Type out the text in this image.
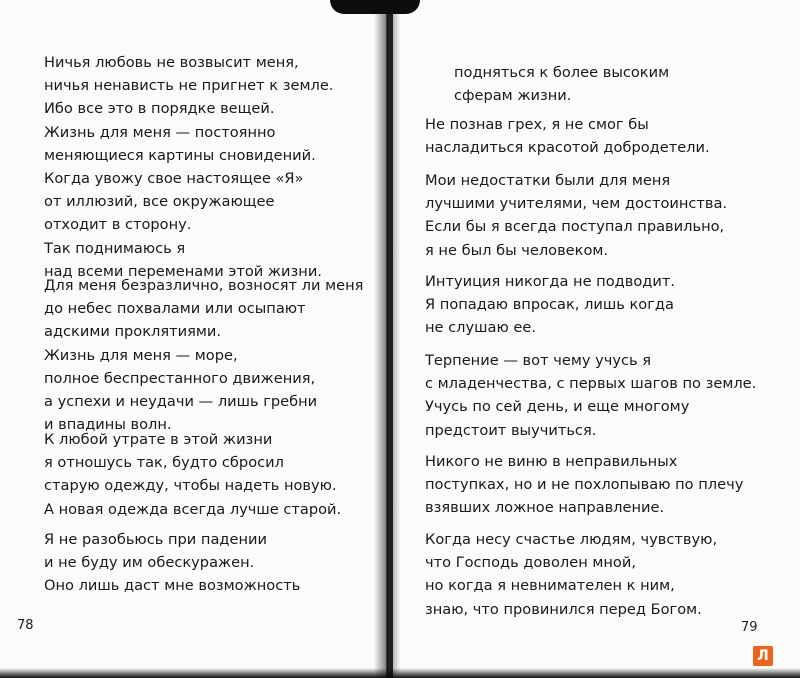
Ничья любовь не возвысит меня,
ничья ненависть не пригнет к земле.
Ибо все это в порядке вещей.
Жизнь для меня — постоянно
меняющиеся картины сновидений.
Когда увожу свое настоящее «Я»
от иллюзий, все окружающее
отходит в сторону.
Так поднимаюсь я
над всеми переменами этой жизни.
Для меня безразлично, возносят ли меня
до небес похвалами или осыпают
адскими проклятиями.
Жизнь для меня — море,
полное беспрестанного движения,
а успехи и неудачи — лишь гребни
и впадины волн.
К любой утрате в этой жизни
я отношусь так, будто сбросил
старую одежду, чтобы надеть новую.
А новая одежда всегда лучше старой.
Я не разобьюсь при падении
и не буду им обескуражен.
Оно лишь даст мне возможность
78
подняться к более высоким
сферам жизни.
Не познав грех, я не смог бы
насладиться красотой добродетели.
Мои недостатки были для меня
лучшими учителями, чем достоинства.
Если бы я всегда поступал правильно,
я не был бы человеком.
Интуиция никогда не подводит.
Я попадаю впросак, лишь когда
не слушаю ее.
Терпение — вот чему учусь я
с младенчества, с первых шагов по земле.
Учусь по сей день, и еще многому
предстоит выучиться.
Никого не виню в неправильных
поступках, но и не похлопываю по плечу
взявших ложное направление.
Когда несу счастье людям, чувствую,
что Господь доволен мной,
но когда я невнимателен к ним,
знаю, что провинился перед Богом.
79
Л
